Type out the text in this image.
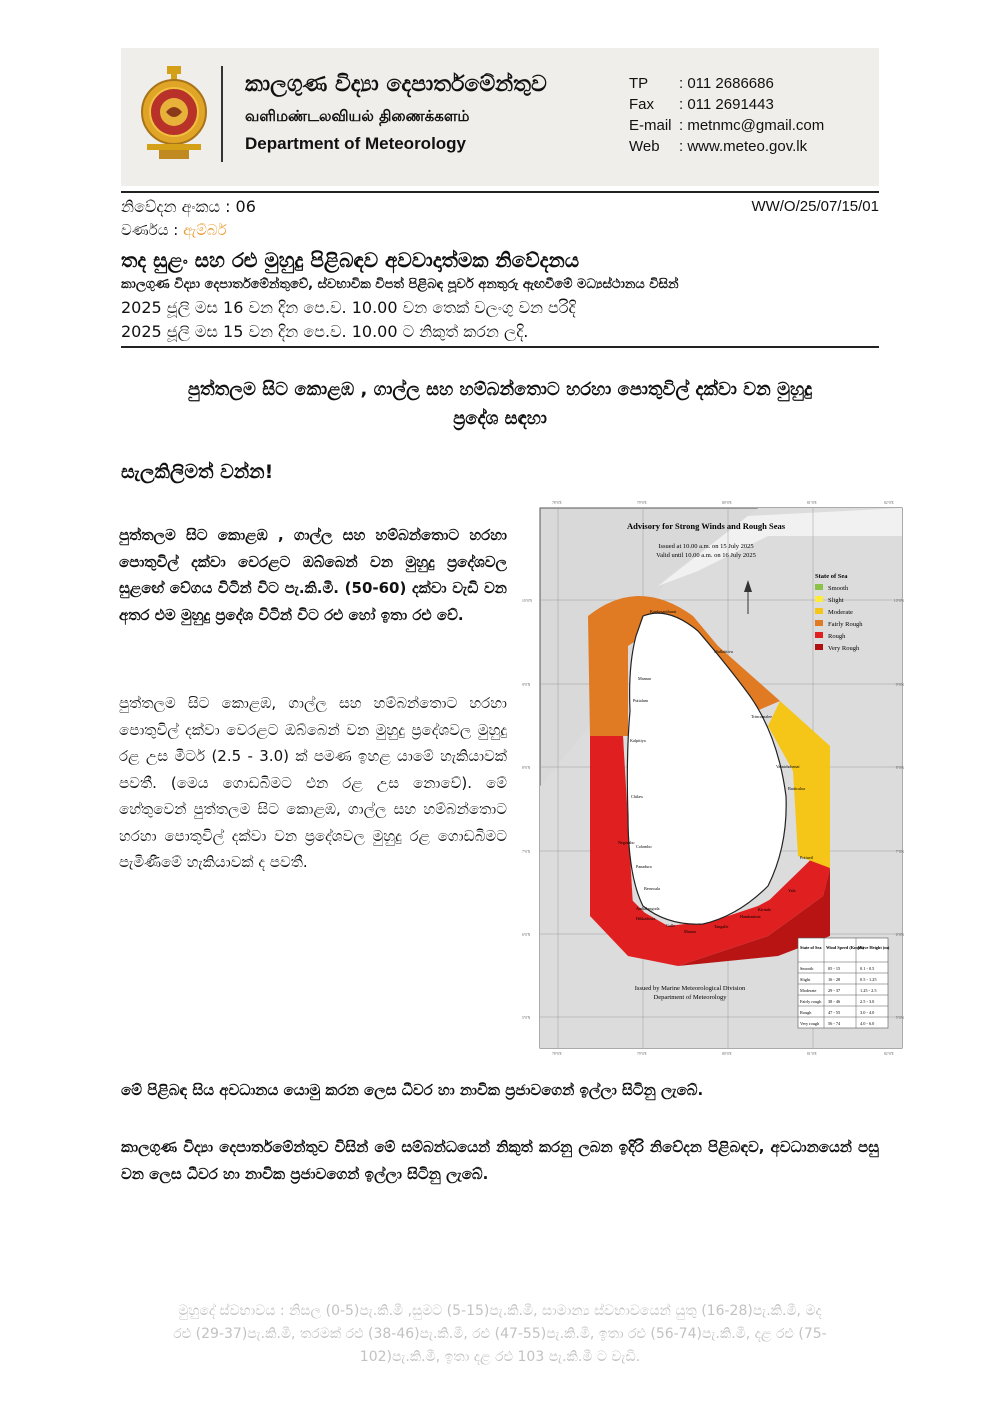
කාලගුණ විද්‍යා දෙපාර්තමේන්තුව
வளிமண்டலவியல் திணைக்களம்
Department of Meteorology
TP	: 011 2686686
Fax	: 011 2691443
E-mail : metnmc@gmail.com
Web	: www.meteo.gov.lk
නිවේදන අංකය : 06	WW/O/25/07/15/01
වර්ණය : ඇම්බර්
තද සුළං සහ රළු මුහුදු පිළිබඳව අවවාදාත්මක නිවේදනය
කාලගුණ විද්‍යා දෙපාර්තමේන්තුවේ, ස්වභාවික විපත් පිළිබඳ පූර්ව අනතුරු ඇඟවීමේ මධ්‍යස්ථානය විසින්
2025 ජූලි මස 16 වන දින පෙ.ව. 10.00 වන තෙක් වලංගු වන පරිදි
2025 ජූලි මස 15 වන දින පෙ.ව. 10.00 ට නිකුත් කරන ලදි.
පුත්තලම සිට කොළඹ , ගාල්ල සහ හම්බන්තොට හරහා පොතුවිල් දක්වා වන මුහුදු
ප්‍රදේශ සඳහා
සැලකිලිමත් වන්න!
පුත්තලම සිට කොළඹ , ගාල්ල සහ හම්බන්තොට හරහා පොතුවිල් දක්වා වෙරළට ඔබ්බෙන් වන මුහුදු ප්‍රදේශවල සුළඟේ වේගය විටින් විට පැ.කි.මී. (50-60) දක්වා වැඩි වන අතර එම මුහුදු ප්‍රදේශ විටින් විට රළු හෝ ඉතා රළු වේ.
පුත්තලම සිට කොළඹ, ගාල්ල සහ හම්බන්තොට හරහා පොතුවිල් දක්වා වෙරළට ඔබ්බෙන් වන මුහුදු ප්‍රදේශවල මුහුදු රළ උස මීටර් (2.5 - 3.0) ක් පමණ ඉහළ යාමේ හැකියාවක් පවතී. (මෙය ගොඩබිමට එන රළ උස නොවේ). මේ හේතුවෙන් පුත්තලම සිට කොළඹ, ගාල්ල සහ හම්බන්තොට හරහා පොතුවිල් දක්වා වන ප්‍රදේශවල මුහුදු රළ ගොඩබිමට පැමිණීමේ හැකියාවක් ද පවතී.
Advisory for Strong Winds and Rough Seas
Issued at 10.00 a.m. on 15 July 2025
Valid until 10.00 a.m. on 16 July 2025
State of Sea
Smooth
Slight
Moderate
Fairly Rough
Rough
Very Rough
Kankesanthurai
Mullaittivu
Mannar
Trincomalee
Puttalam
Kalpitiya
Batticaloa
Valaichchenai
Chilaw
Negombo
Colombo
Panadura
Pottuvil
Beruwala
Ambalangoda
Hikkaduwa
Galle
Matara
Kirinda
Hambantota
Yala
Tangalle
Issued by Marine Meteorological Division
Department of Meteorology
State of Sea Wind Speed (Kmph)
Wave Height (m)
Smooth	05 - 15	0.1 - 0.5
Slight	16 - 28	0.5 - 1.25
Moderate	29 - 37	1.25 - 2.5
Fairly rough 38 - 46	2.5 - 3.0
Rough	47 - 55	3.0 - 4.0
Very rough 56 - 74	4.0 - 6.0
78°0'E	79°0'E	80°0'E	81°0'E	82°0'E
78°0'E	79°0'E	80°0'E	81°0'E	82°0'E
10°0'N
9°0'N
8°0'N
7°0'N
6°0'N
5°0'N
10°0'N
9°0'N
8°0'N
7°0'N
6°0'N
5°0'N
මේ පිළිබඳ සිය අවධානය යොමු කරන ලෙස ධීවර හා නාවික ප්‍රජාවගෙන් ඉල්ලා සිටිනු ලැබේ.
කාලගුණ විද්‍යා දෙපාර්තමේන්තුව විසින් මේ සම්බන්ධයෙන් නිකුත් කරනු ලබන ඉදිරි නිවේදන පිළිබඳව, අවධානයෙන් පසු වන ලෙස ධීවර හා නාවික ප්‍රජාවගෙන් ඉල්ලා සිටිනු ලැබේ.
මුහුදේ ස්වභාවය : නිසල (0-5)පැ.කි.මී ,සුමට (5-15)පැ.කි.මී, සාමාන්‍ය ස්වභාවයෙන් යුතු (16-28)පැ.කි.මී, මද
රළු (29-37)පැ.කි.මී, තරමක් රළු (38-46)පැ.කි.මී, රළු (47-55)පැ.කි.මී, ඉතා රළු (56-74)පැ.කි.මී, දළ රළු (75-
102)පැ.කි.මී, ඉතා දළ රළු 103 පැ.කි.මී ට වැඩි.
